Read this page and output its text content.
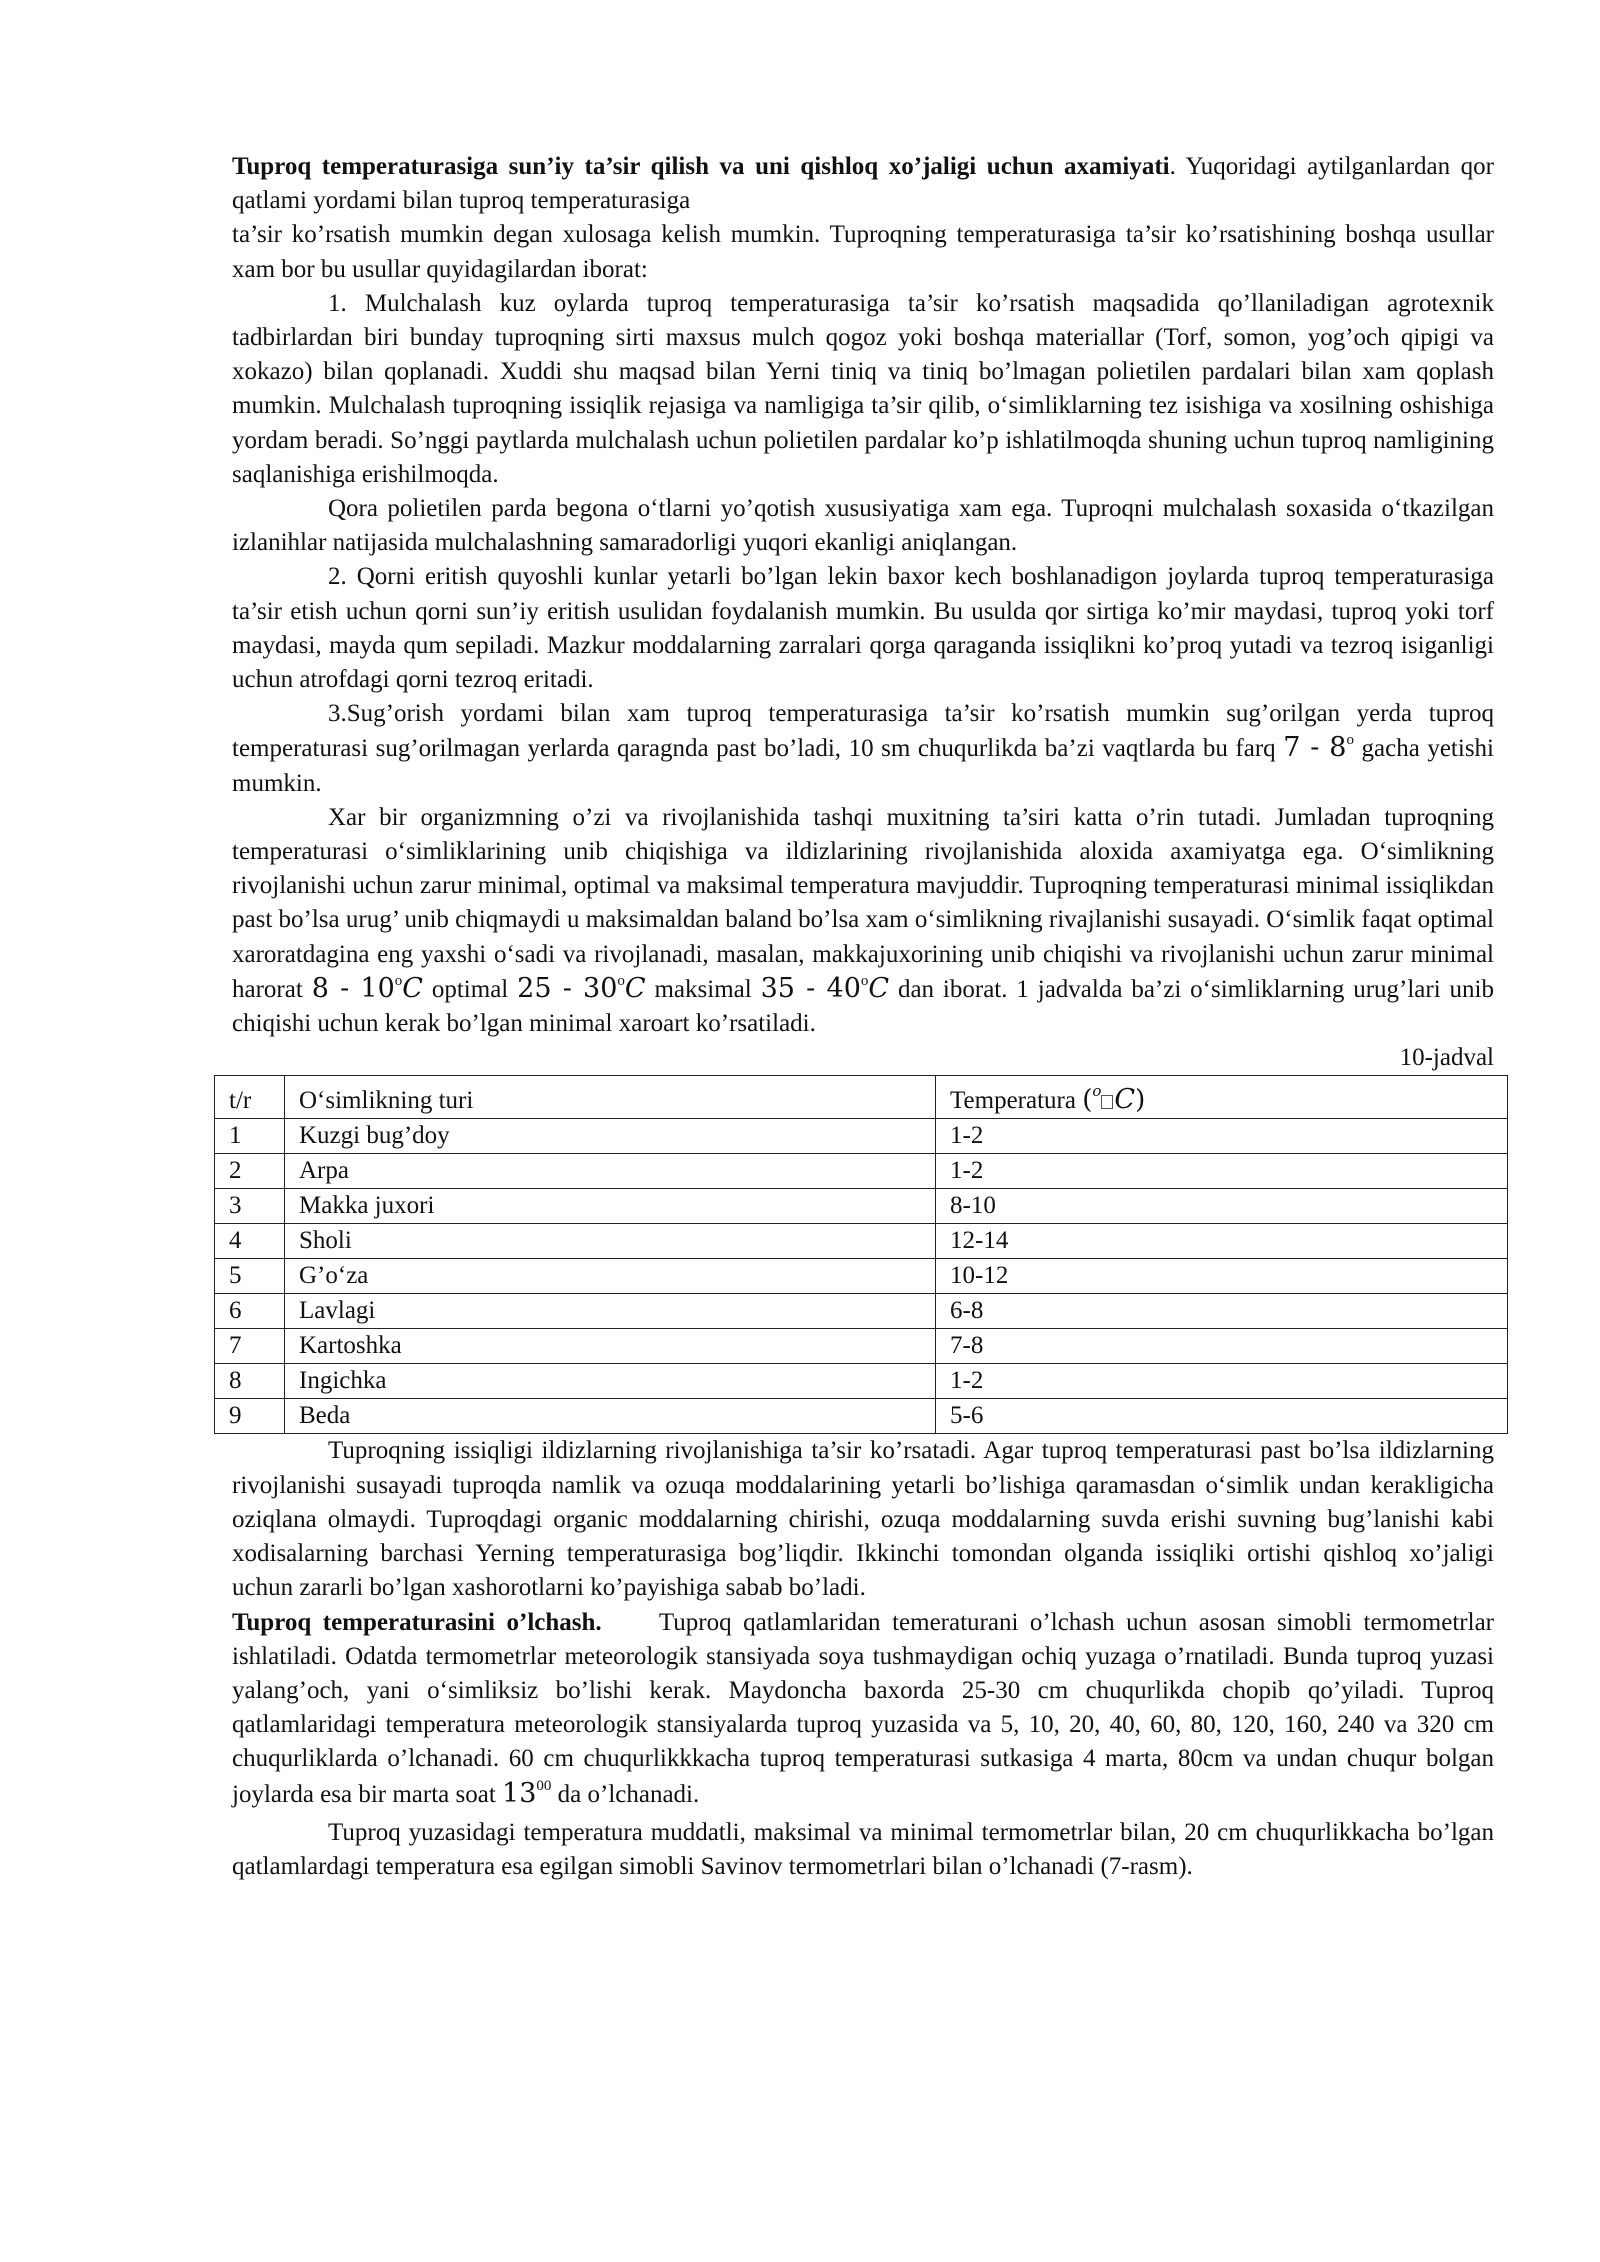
Tuproq temperaturasiga sun’iy ta’sir qilish va uni qishloq xo’jaligi uchun axamiyati. Yuqoridagi aytilganlardan qor qatlami yordami bilan tuproq temperaturasiga

ta’sir ko’rsatish mumkin degan xulosaga kelish mumkin. Tuproqning temperaturasiga ta’sir ko’rsatishining boshqa usullar xam bor bu usullar quyidagilardan iborat:

1. Mulchalash kuz oylarda tuproq temperaturasiga ta’sir ko’rsatish maqsadida qo’llaniladigan agrotexnik tadbirlardan biri bunday tuproqning sirti maxsus mulch qogoz yoki boshqa materiallar (Torf, somon, yog’och qipigi va xokazo) bilan qoplanadi. Xuddi shu maqsad bilan Yerni tiniq va tiniq bo’lmagan polietilen pardalari bilan xam qoplash mumkin. Mulchalash tuproqning issiqlik rejasiga va namligiga ta’sir qilib, o‘simliklarning tez isishiga va xosilning oshishiga yordam beradi. So’nggi paytlarda mulchalash uchun polietilen pardalar ko’p ishlatilmoqda shuning uchun tuproq namligining saqlanishiga erishilmoqda.

Qora polietilen parda begona o‘tlarni yo’qotish xususiyatiga xam ega. Tuproqni mulchalash soxasida o‘tkazilgan izlanihlar natijasida mulchalashning samaradorligi yuqori ekanligi aniqlangan.

2. Qorni eritish quyoshli kunlar yetarli bo’lgan lekin baxor kech boshlanadigon joylarda tuproq temperaturasiga ta’sir etish uchun qorni sun’iy eritish usulidan foydalanish mumkin. Bu usulda qor sirtiga ko’mir maydasi, tuproq yoki torf maydasi, mayda qum sepiladi. Mazkur moddalarning zarralari qorga qaraganda issiqlikni ko’proq yutadi va tezroq isiganligi uchun atrofdagi qorni tezroq eritadi.

3.Sug’orish yordami bilan xam tuproq temperaturasiga ta’sir ko’rsatish mumkin sug’orilgan yerda tuproq temperaturasi sug’orilmagan yerlarda qaragnda past bo’ladi, 10 sm chuqurlikda ba’zi vaqtlarda bu farq 7 - 8$^o$ gacha yetishi mumkin.

Xar bir organizmning o’zi va rivojlanishida tashqi muxitning ta’siri katta o’rin tutadi. Jumladan tuproqning temperaturasi o‘simliklarining unib chiqishiga va ildizlarining rivojlanishida aloxida axamiyatga ega. O‘simlikning rivojlanishi uchun zarur minimal, optimal va maksimal temperatura mavjuddir. Tuproqning temperaturasi minimal issiqlikdan past bo’lsa urug’ unib chiqmaydi u maksimaldan baland bo’lsa xam o‘simlikning rivajlanishi susayadi. O‘simlik faqat optimal xaroratdagina eng yaxshi o‘sadi va rivojlanadi, masalan, makkajuxorining unib chiqishi va rivojlanishi uchun zarur minimal harorat 8 - 10$^o$C optimal 25 - 30$^o$C maksimal 35 - 40$^o$C dan iborat. 1 jadvalda ba’zi o‘simliklarning urug’lari unib chiqishi uchun kerak bo’lgan minimal xaroart ko’rsatiladi.

10-jadval

t/r	O‘simlikning turi	Temperatura ($^o$ C)
1	Kuzgi bug’doy	1-2
2	Arpa	1-2
3	Makka juxori	8-10
4	Sholi	12-14
5	G’o‘za	10-12
6	Lavlagi	6-8
7	Kartoshka	7-8
8	Ingichka	1-2
9	Beda	5-6

Tuproqning issiqligi ildizlarning rivojlanishiga ta’sir ko’rsatadi. Agar tuproq temperaturasi past bo’lsa ildizlarning rivojlanishi susayadi tuproqda namlik va ozuqa moddalarining yetarli bo’lishiga qaramasdan o‘simlik undan kerakligicha oziqlana olmaydi. Tuproqdagi organic moddalarning chirishi, ozuqa moddalarning suvda erishi suvning bug’lanishi kabi xodisalarning barchasi Yerning temperaturasiga bog’liqdir. Ikkinchi tomondan olganda issiqliki ortishi qishloq xo’jaligi uchun zararli bo’lgan xashorotlarni ko’payishiga sabab bo’ladi.

Tuproq temperaturasini o’lchash. Tuproq qatlamlaridan temeraturani o’lchash uchun asosan simobli termometrlar ishlatiladi. Odatda termometrlar meteorologik stansiyada soya tushmaydigan ochiq yuzaga o’rnatiladi. Bunda tuproq yuzasi yalang’och, yani o‘simliksiz bo’lishi kerak. Maydoncha baxorda 25-30 cm chuqurlikda chopib qo’yiladi. Tuproq qatlamlaridagi temperatura meteorologik stansiyalarda tuproq yuzasida va 5, 10, 20, 40, 60, 80, 120, 160, 240 va 320 cm chuqurliklarda o’lchanadi. 60 cm chuqurlikkkacha tuproq temperaturasi sutkasiga 4 marta, 80cm va undan chuqur bolgan joylarda esa bir marta soat $13^{00}$ da o’lchanadi.

Tuproq yuzasidagi temperatura muddatli, maksimal va minimal termometrlar bilan, 20 cm chuqurlikkacha bo’lgan qatlamlardagi temperatura esa egilgan simobli Savinov termometrlari bilan o’lchanadi (7-rasm).
